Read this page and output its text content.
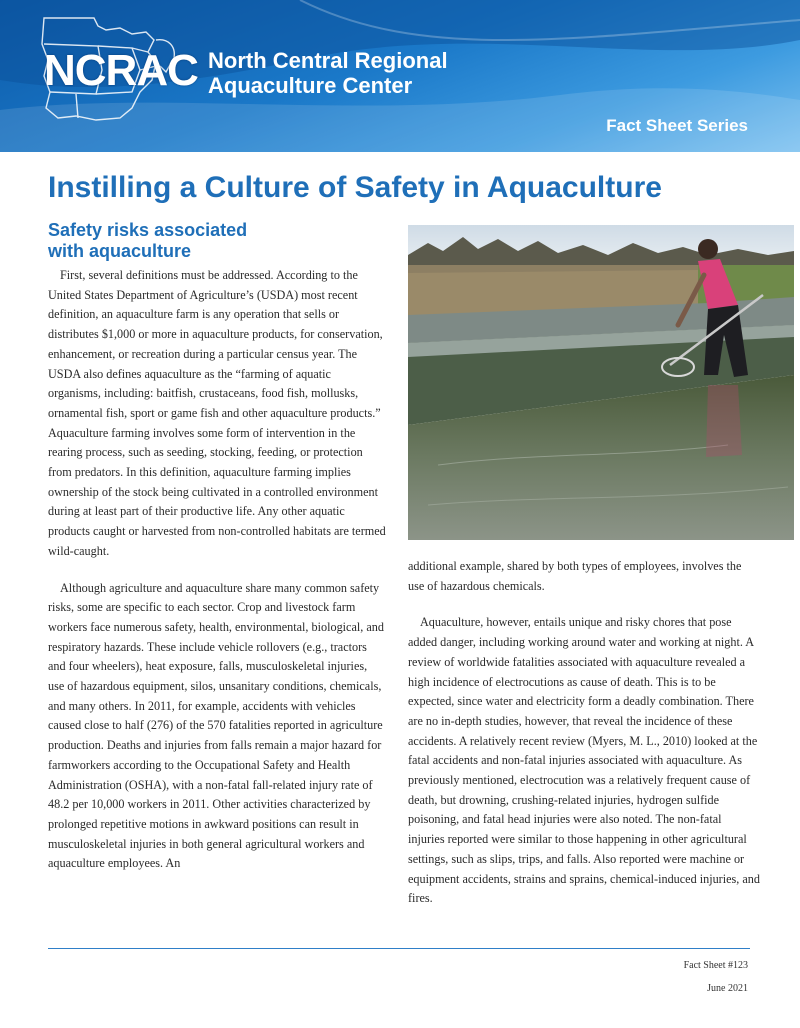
NCRAC North Central Regional
Aquaculture Center
Fact Sheet Series
Instilling a Culture of Safety in Aquaculture
Safety risks associated
with aquaculture

First, several definitions must be addressed. According to the United States Department of Agriculture’s (USDA) most recent definition, an aquaculture farm is any operation that sells or distributes $1,000 or more in aquaculture products, for conservation, enhancement, or recreation during a particular census year. The USDA also defines aquaculture as the “farming of aquatic organisms, including: baitfish, crustaceans, food fish, mollusks, ornamental fish, sport or game fish and other aquaculture products.” Aquaculture farming involves some form of intervention in the rearing process, such as seeding, stocking, feeding, or protection from predators. In this definition, aquaculture farming implies ownership of the stock being cultivated in a controlled environment during at least part of their productive life. Any other aquatic products caught or harvested from non-controlled habitats are termed wild-caught.

Although agriculture and aquaculture share many common safety risks, some are specific to each sector. Crop and livestock farm workers face numerous safety, health, environmental, biological, and respiratory hazards. These include vehicle rollovers (e.g., tractors and four wheelers), heat exposure, falls, musculoskeletal injuries, use of hazardous equipment, silos, unsanitary conditions, chemicals, and many others. In 2011, for example, accidents with vehicles caused close to half (276) of the 570 fatalities reported in agriculture production. Deaths and injuries from falls remain a major hazard for farmworkers according to the Occupational Safety and Health Administration (OSHA), with a non-fatal fall-related injury rate of 48.2 per 10,000 workers in 2011. Other activities characterized by prolonged repetitive motions in awkward positions can result in musculoskeletal injuries in both general agricultural workers and aquaculture employees. An

additional example, shared by both types of employees, involves the use of hazardous chemicals.

Aquaculture, however, entails unique and risky chores that pose added danger, including working around water and working at night. A review of worldwide fatalities associated with aquaculture revealed a high incidence of electrocutions as cause of death. This is to be expected, since water and electricity form a deadly combination. There are no in-depth studies, however, that reveal the incidence of these accidents. A relatively recent review (Myers, M. L., 2010) looked at the fatal accidents and non-fatal injuries associated with aquaculture. As previously mentioned, electrocution was a relatively frequent cause of death, but drowning, crushing-related injuries, hydrogen sulfide poisoning, and fatal head injuries were also noted. The non-fatal injuries reported were similar to those happening in other agricultural settings, such as slips, trips, and falls. Also reported were machine or equipment accidents, strains and sprains, chemical-induced injuries, and fires.

Fact Sheet #123
June 2021
